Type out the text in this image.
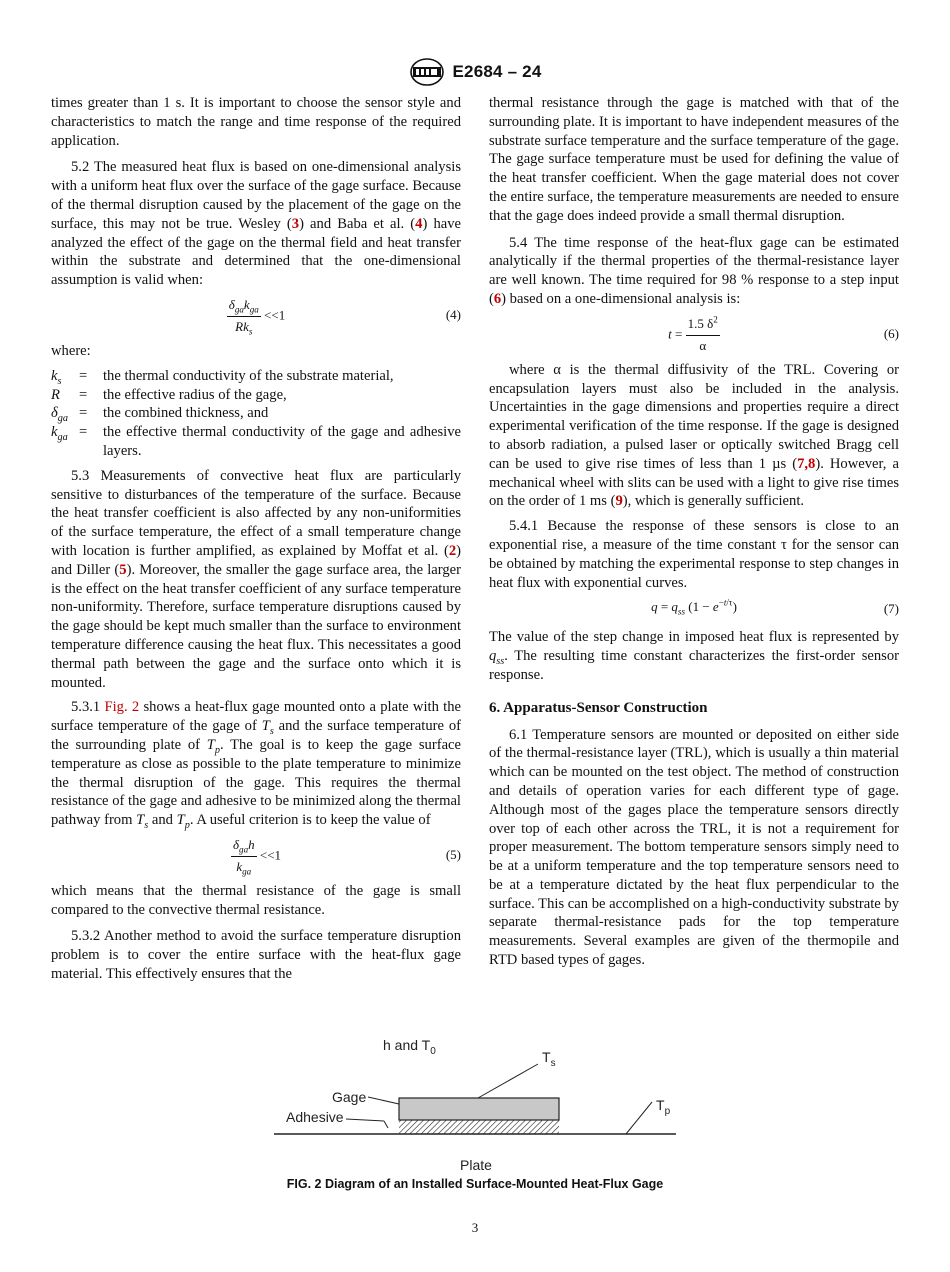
E2684 – 24

times greater than 1 s. It is important to choose the sensor style and characteristics to match the range and time response of the required application.

5.2 The measured heat flux is based on one-dimensional analysis with a uniform heat flux over the surface of the gage surface. Because of the thermal disruption caused by the placement of the gage on the surface, this may not be true. Wesley (3) and Baba et al. (4) have analyzed the effect of the gage on the thermal field and heat transfer within the substrate and determined that the one-dimensional assumption is valid when:

$\frac{\delta_{ga}k_{ga}}{Rk_s} <<1$	(4)

where:

$k_s$	=	the thermal conductivity of the substrate material,
R	=	the effective radius of the gage,
$\delta_{ga}$ =	the combined thickness, and
$k_{ga}$ =	the effective thermal conductivity of the gage and adhesive layers.

5.3 Measurements of convective heat flux are particularly sensitive to disturbances of the temperature of the surface. Because the heat transfer coefficient is also affected by any non-uniformities of the surface temperature, the effect of a small temperature change with location is further amplified, as explained by Moffat et al. (2) and Diller (5). Moreover, the smaller the gage surface area, the larger is the effect on the heat transfer coefficient of any surface temperature non-uniformity. Therefore, surface temperature disruptions caused by the gage should be kept much smaller than the surface to environment temperature difference causing the heat flux. This necessitates a good thermal path between the gage and the surface onto which it is mounted.

5.3.1 Fig. 2 shows a heat-flux gage mounted onto a plate with the surface temperature of the gage of $T_s$ and the surface temperature of the surrounding plate of $T_p$. The goal is to keep the gage surface temperature as close as possible to the plate temperature to minimize the thermal disruption of the gage. This requires the thermal resistance of the gage and adhesive to be minimized along the thermal pathway from $T_s$ and $T_p$. A useful criterion is to keep the value of

$\frac{\delta_{ga}h}{k_{ga}} <<1$	(5)

which means that the thermal resistance of the gage is small compared to the convective thermal resistance.

5.3.2 Another method to avoid the surface temperature disruption problem is to cover the entire surface with the heat-flux gage material. This effectively ensures that the

thermal resistance through the gage is matched with that of the surrounding plate. It is important to have independent measures of the substrate surface temperature and the surface temperature of the gage. The gage surface temperature must be used for defining the value of the heat transfer coefficient. When the gage material does not cover the entire surface, the temperature measurements are needed to ensure that the gage does indeed provide a small thermal disruption.

5.4 The time response of the heat-flux gage can be estimated analytically if the thermal properties of the thermal-resistance layer are well known. The time required for 98 % response to a step input (6) based on a one-dimensional analysis is:

$t = \frac{1.5 \delta^2}{\alpha}$	(6)

where α is the thermal diffusivity of the TRL. Covering or encapsulation layers must also be included in the analysis. Uncertainties in the gage dimensions and properties require a direct experimental verification of the time response. If the gage is designed to absorb radiation, a pulsed laser or optically switched Bragg cell can be used to give rise times of less than 1 µs (7,8). However, a mechanical wheel with slits can be used with a light to give rise times on the order of 1 ms (9), which is generally sufficient.

5.4.1 Because the response of these sensors is close to an exponential rise, a measure of the time constant τ for the sensor can be obtained by matching the experimental response to step changes in heat flux with exponential curves.

$q = q_{ss}$ $(1 - e^{-t/\tau})$	(7)

The value of the step change in imposed heat flux is represented by $q_{ss}$. The resulting time constant characterizes the first-order sensor response.

6. Apparatus-Sensor Construction

6.1 Temperature sensors are mounted or deposited on either side of the thermal-resistance layer (TRL), which is usually a thin material which can be mounted on the test object. The method of construction and details of operation varies for each different type of gage. Although most of the gages place the temperature sensors directly over top of each other across the TRL, it is not a requirement for proper measurement. The bottom temperature sensors simply need to be at a uniform temperature and the top temperature sensors need to be at a temperature dictated by the heat flux perpendicular to the surface. This can be accomplished on a high-conductivity substrate by separate thermal-resistance pads for the top temperature measurements. Several examples are given of the thermopile and RTD based types of gages.

h and $T_0$	$T_s$
Gage
Adhesive
$T_p$
Plate
FIG. 2 Diagram of an Installed Surface-Mounted Heat-Flux Gage
3
